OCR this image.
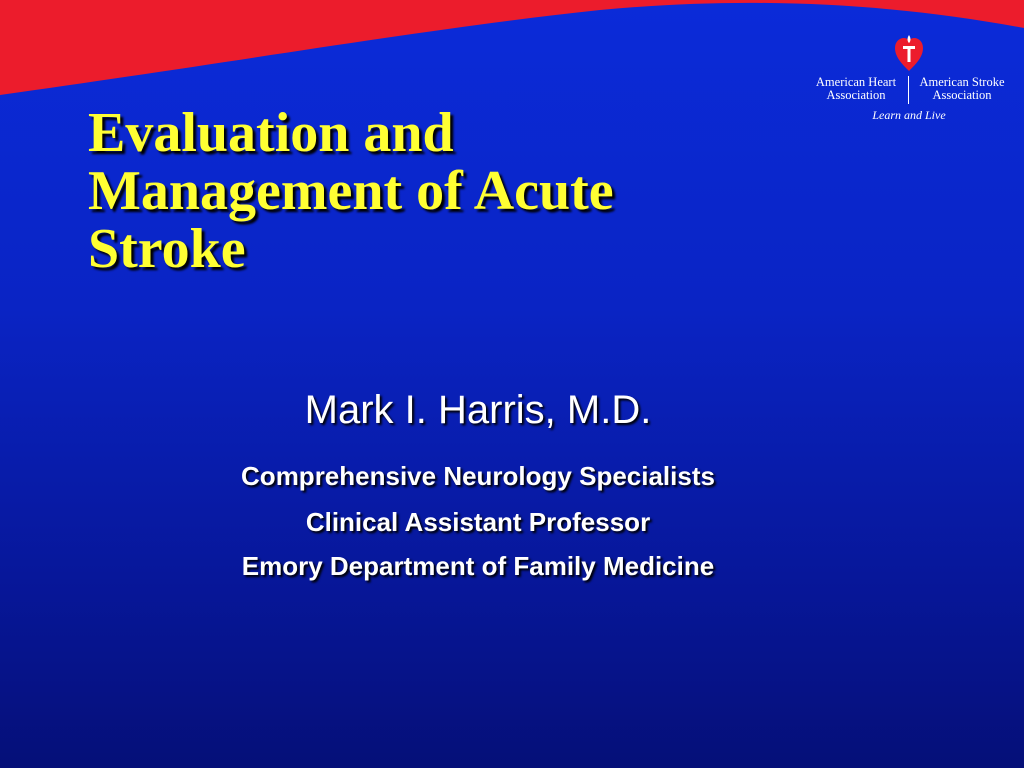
American Heart
Association
American Stroke
Association
Learn and Live
Evaluation and
Management of Acute
Stroke
Mark I. Harris, M.D.
Comprehensive Neurology Specialists
Clinical Assistant Professor
Emory Department of Family Medicine
